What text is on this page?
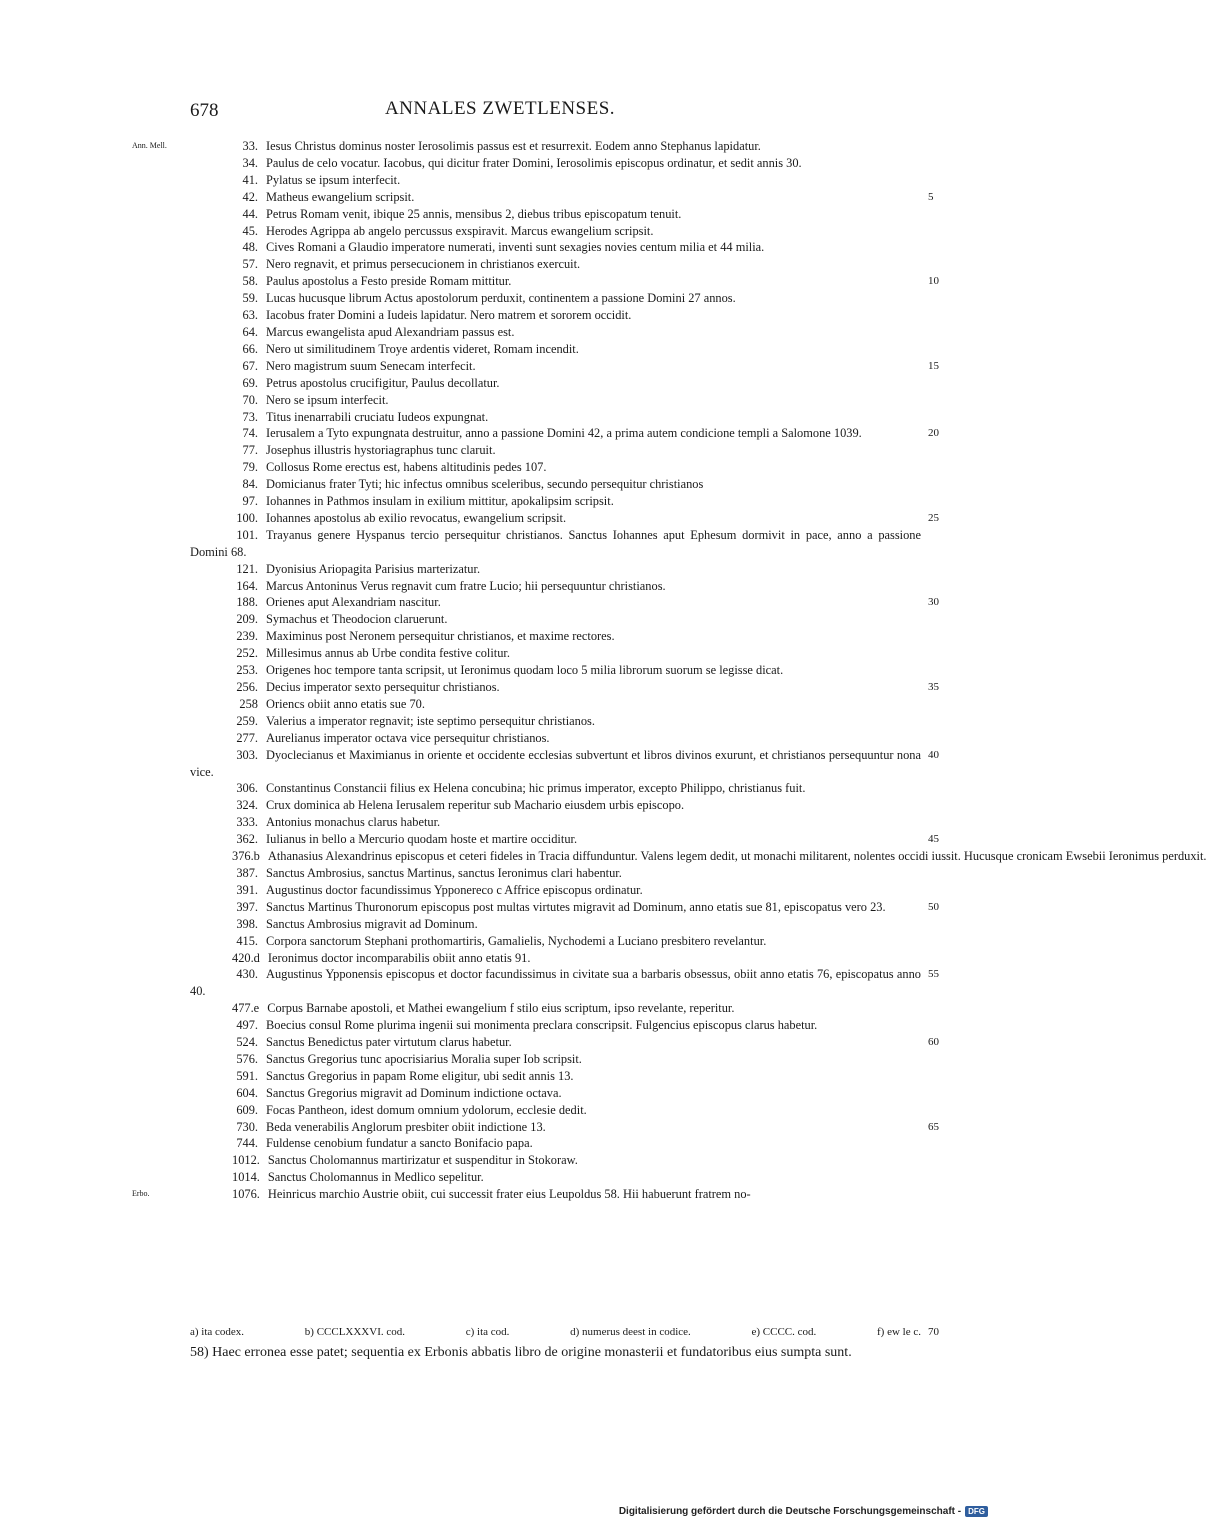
678	ANNALES ZWETLENSES.
Ann. Mell.	33. Iesus Christus dominus noster Ierosolimis passus est et resurrexit. Eodem anno Stephanus lapidatur.
34. Paulus de celo vocatur. Iacobus, qui dicitur frater Domini, Ierosolimis episcopus ordinatur, et sedit annis 30.
41. Pylatus se ipsum interfecit.
42. Matheus ewangelium scripsit.	5
44. Petrus Romam venit, ibique 25 annis, mensibus 2, diebus tribus episcopatum tenuit.
45. Herodes Agrippa ab angelo percussus exspiravit. Marcus ewangelium scripsit.
48. Cives Romani a Glaudio imperatore numerati, inventi sunt sexagies novies centum milia et 44 milia.
57. Nero regnavit, et primus persecucionem in christianos exercuit.
58. Paulus apostolus a Festo preside Romam mittitur.	10
59. Lucas hucusque librum Actus apostolorum perduxit, continentem a passione Domini 27 annos.
63. Iacobus frater Domini a Iudeis lapidatur. Nero matrem et sororem occidit.
64. Marcus ewangelista apud Alexandriam passus est.
66. Nero ut similitudinem Troye ardentis videret, Romam incendit.
67. Nero magistrum suum Senecam interfecit.	15
69. Petrus apostolus crucifigitur, Paulus decollatur.
70. Nero se ipsum interfecit.
73. Titus inenarrabili cruciatu Iudeos expungnat.
74. Ierusalem a Tyto expungnata destruitur, anno a passione Domini 42, a prima autem condicione templi a Salomone 1039.	20
77. Josephus illustris hystoriagraphus tunc claruit.
79. Collosus Rome erectus est, habens altitudinis pedes 107.
84. Domicianus frater Tyti; hic infectus omnibus sceleribus, secundo persequitur christianos
97. Iohannes in Pathmos insulam in exilium mittitur, apokalipsim scripsit.
100. Iohannes apostolus ab exilio revocatus, ewangelium scripsit.	25
101. Trayanus genere Hyspanus tercio persequitur christianos. Sanctus Iohannes aput Ephesum dormivit in pace, anno a passione Domini 68.
121. Dyonisius Ariopagita Parisius marterizatur.
164. Marcus Antoninus Verus regnavit cum fratre Lucio; hii persequuntur christianos.
188. Orienes aput Alexandriam nascitur.	30
209. Symachus et Theodocion claruerunt.
239. Maximinus post Neronem persequitur christianos, et maxime rectores.
252. Millesimus annus ab Urbe condita festive colitur.
253. Origenes hoc tempore tanta scripsit, ut Ieronimus quodam loco 5 milia librorum suorum se legisse dicat.
256. Decius imperator sexto persequitur christianos.	35
258 Oriencs obiit anno etatis sue 70.
259. Valerius a imperator regnavit; iste septimo persequitur christianos.
277. Aurelianus imperator octava vice persequitur christianos.
303. Dyoclecianus et Maximianus in oriente et occidente ecclesias subvertunt et libros divinos exurunt, et christianos persequuntur nona vice.
40
306. Constantinus Constancii filius ex Helena concubina; hic primus imperator, excepto Philippo, christianus fuit.
324. Crux dominica ab Helena Ierusalem reperitur sub Machario eiusdem urbis episcopo.
333. Antonius monachus clarus habetur.
362. Iulianus in bello a Mercurio quodam hoste et martire occiditur.	45
376.b Athanasius Alexandrinus episcopus et ceteri fideles in Tracia diffunduntur. Valens legem dedit, ut monachi militarent, nolentes occidi iussit. Hucusque cronicam Ewsebii Ieronimus perduxit.
387. Sanctus Ambrosius, sanctus Martinus, sanctus Ieronimus clari habentur.
391. Augustinus doctor facundissimus Ypponereco c Affrice episcopus ordinatur.
397. Sanctus Martinus Thuronorum episcopus post multas virtutes migravit ad Dominum, anno etatis sue 81, episcopatus vero 23.	50
398. Sanctus Ambrosius migravit ad Dominum.
415. Corpora sanctorum Stephani prothomartiris, Gamalielis, Nychodemi a Luciano presbitero revelantur.
420.d Ieronimus doctor incomparabilis obiit anno etatis 91.
430. Augustinus Ypponensis episcopus et doctor facundissimus in civitate sua a barbaris obsessus, obiit anno etatis 76, episcopatus anno 40.
55
477.e Corpus Barnabe apostoli, et Mathei ewangelium f stilo eius scriptum, ipso revelante, reperitur.
497. Boecius consul Rome plurima ingenii sui monimenta preclara conscripsit. Fulgencius episcopus clarus habetur.
524. Sanctus Benedictus pater virtutum clarus habetur.	60
576. Sanctus Gregorius tunc apocrisiarius Moralia super Iob scripsit.
591. Sanctus Gregorius in papam Rome eligitur, ubi sedit annis 13.
604. Sanctus Gregorius migravit ad Dominum indictione octava.
609. Focas Pantheon, idest domum omnium ydolorum, ecclesie dedit.
730. Beda venerabilis Anglorum presbiter obiit indictione 13.	65
744. Fuldense cenobium fundatur a sancto Bonifacio papa.
1012. Sanctus Cholomannus martirizatur et suspenditur in Stokoraw.
1014. Sanctus Cholomannus in Medlico sepelitur.
Erbo.	1076. Heinricus marchio Austrie obiit, cui successit frater eius Leupoldus 58. Hii habuerunt fratrem no-
a) ita codex.	b) CCCLXXXVI. cod.	c) ita cod.	d) numerus deest in codice.	e) CCCC. cod.	f) ew le c. 70
58) Haec erronea esse patet; sequentia ex Erbonis abbatis libro de origine monasterii et fundatoribus eius sumpta sunt.
Digitalisierung gefördert durch die Deutsche Forschungsgemeinschaft - DFG
